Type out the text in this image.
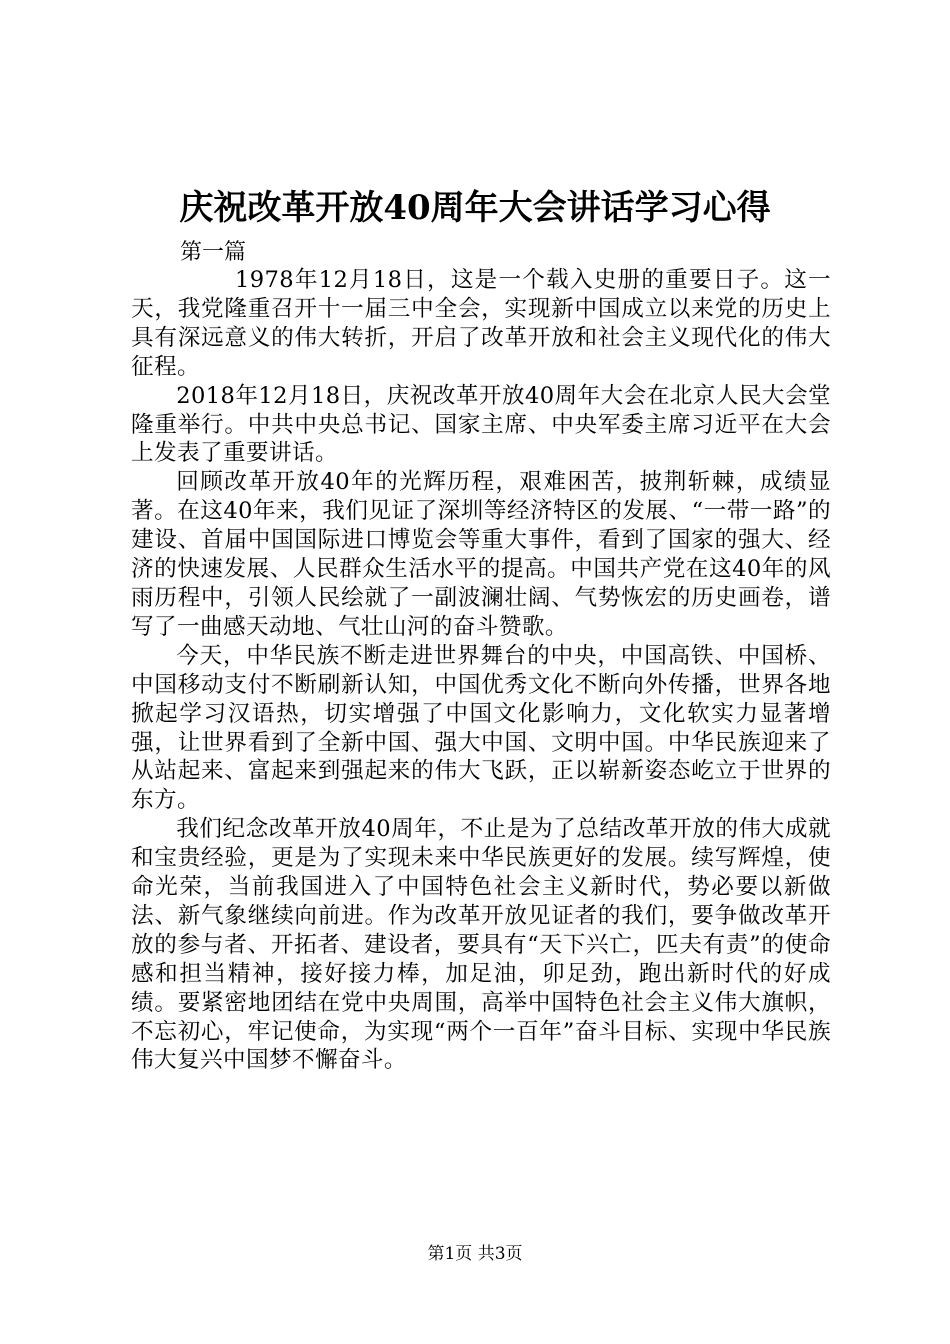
庆祝改革开放40周年大会讲话学习心得
第一篇

1978年12月18日，这是一个载入史册的重要日子。这一天，我党隆重召开十一届三中全会，实现新中国成立以来党的历史上具有深远意义的伟大转折，开启了改革开放和社会主义现代化的伟大征程。

2018年12月18日，庆祝改革开放40周年大会在北京人民大会堂隆重举行。中共中央总书记、国家主席、中央军委主席习近平在大会上发表了重要讲话。

回顾改革开放40年的光辉历程，艰难困苦，披荆斩棘，成绩显著。在这40年来，我们见证了深圳等经济特区的发展、“一带一路”的建设、首届中国国际进口博览会等重大事件，看到了国家的强大、经济的快速发展、人民群众生活水平的提高。中国共产党在这40年的风雨历程中，引领人民绘就了一副波澜壮阔、气势恢宏的历史画卷，谱写了一曲感天动地、气壮山河的奋斗赞歌。

今天，中华民族不断走进世界舞台的中央，中国高铁、中国桥、中国移动支付不断刷新认知，中国优秀文化不断向外传播，世界各地掀起学习汉语热，切实增强了中国文化影响力，文化软实力显著增强，让世界看到了全新中国、强大中国、文明中国。中华民族迎来了从站起来、富起来到强起来的伟大飞跃，正以崭新姿态屹立于世界的东方。

我们纪念改革开放40周年，不止是为了总结改革开放的伟大成就和宝贵经验，更是为了实现未来中华民族更好的发展。续写辉煌，使命光荣，当前我国进入了中国特色社会主义新时代，势必要以新做法、新气象继续向前进。作为改革开放见证者的我们，要争做改革开放的参与者、开拓者、建设者，要具有“天下兴亡，匹夫有责”的使命感和担当精神，接好接力棒，加足油，卯足劲，跑出新时代的好成绩。要紧密地团结在党中央周围，高举中国特色社会主义伟大旗帜，不忘初心，牢记使命，为实现“两个一百年”奋斗目标、实现中华民族伟大复兴中国梦不懈奋斗。

第1页 共3页
